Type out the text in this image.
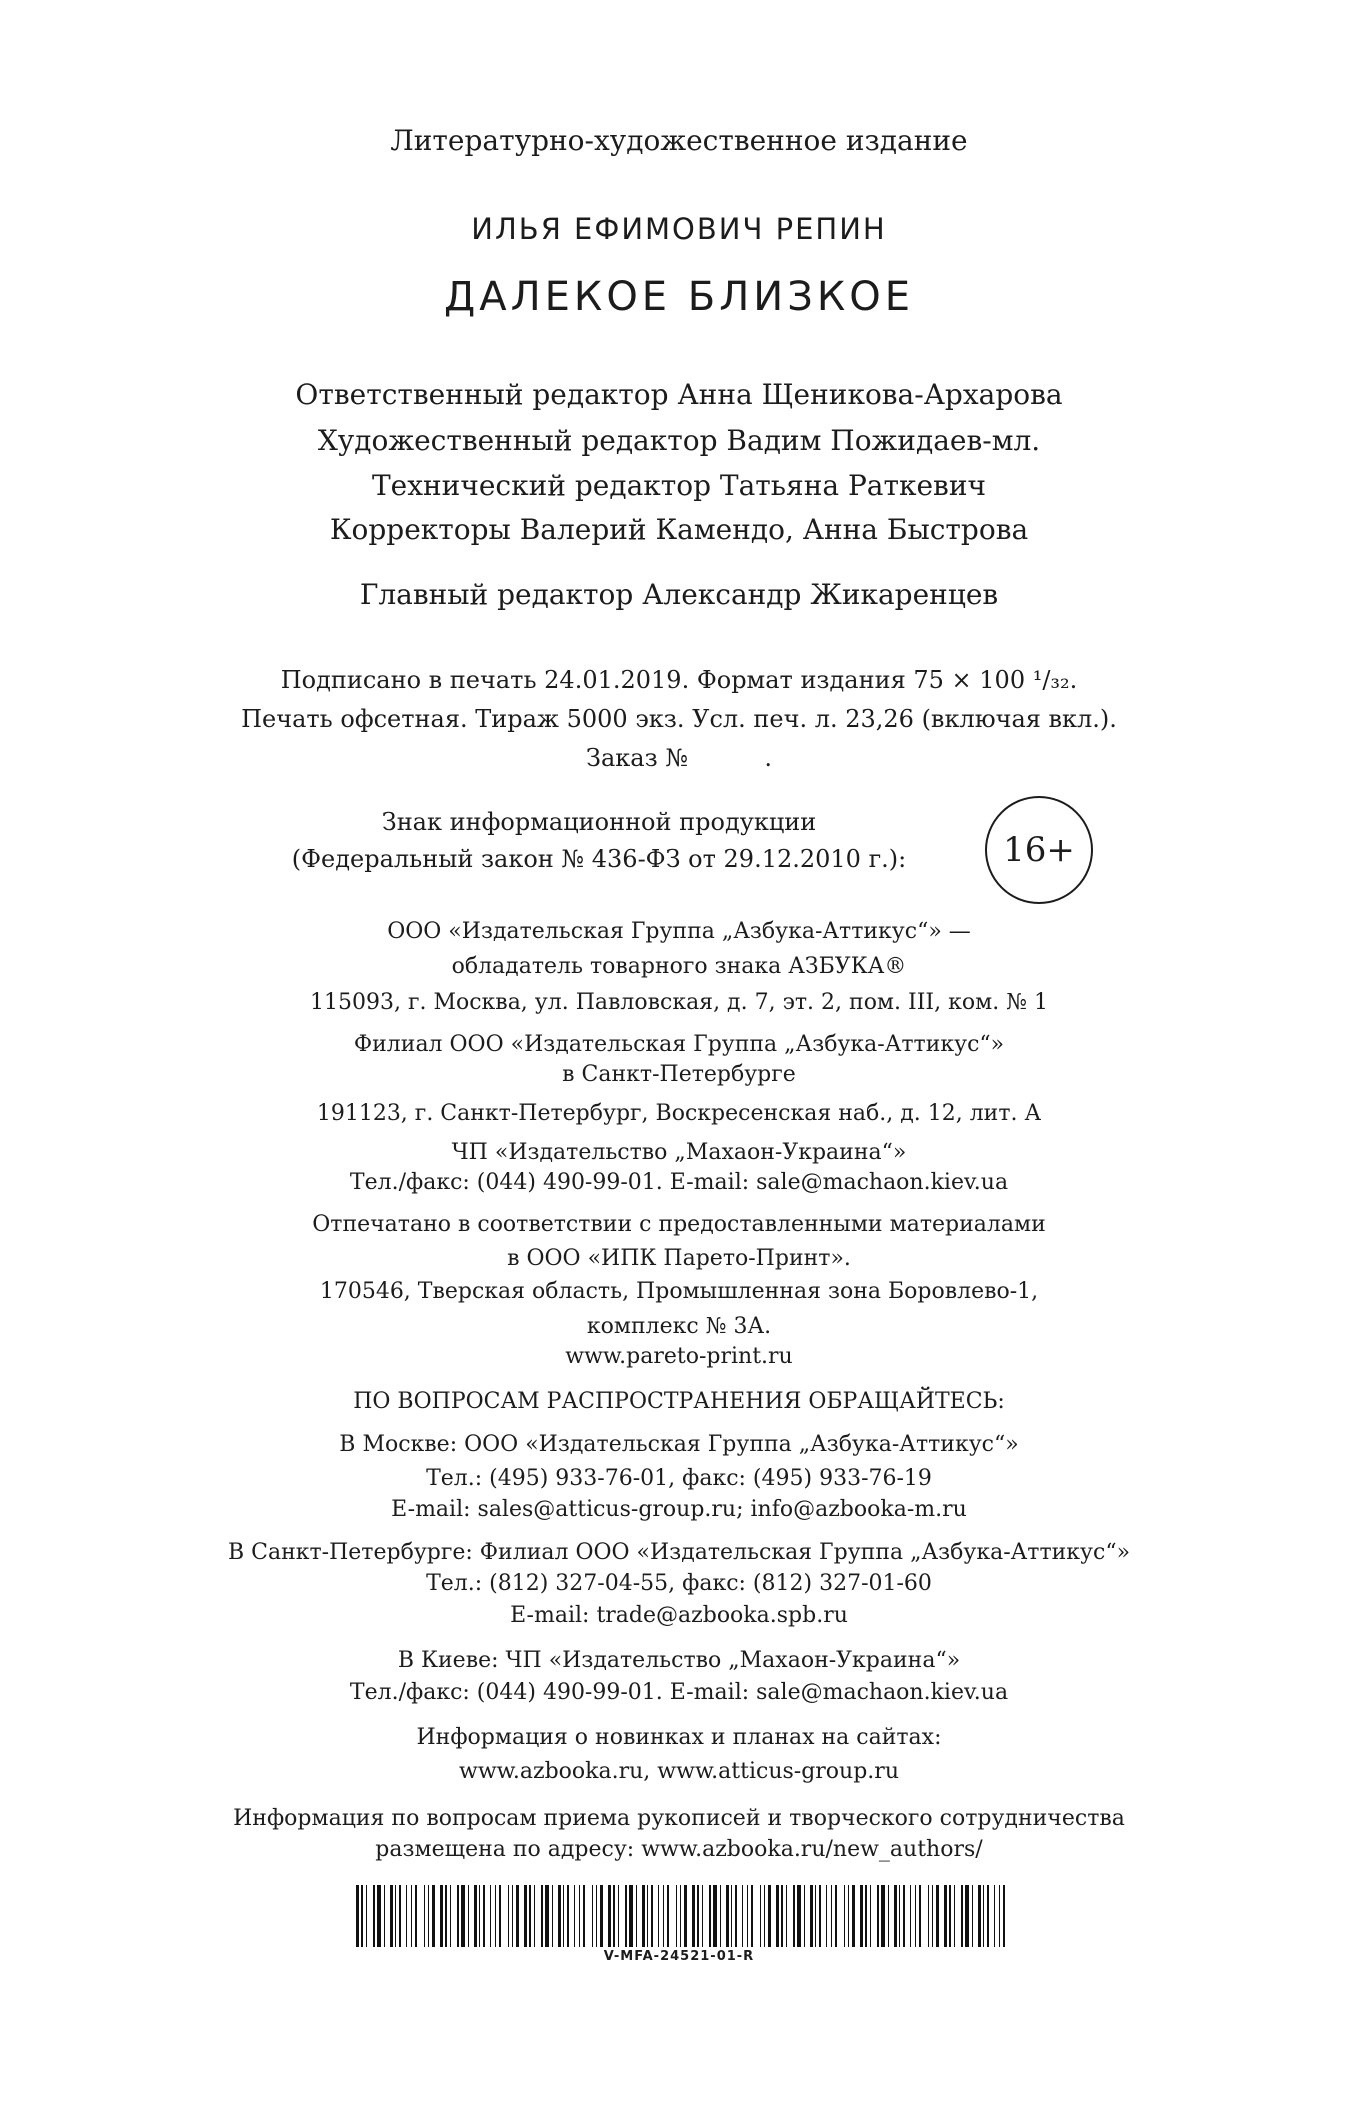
Литературно-художественное издание
ИЛЬЯ ЕФИМОВИЧ РЕПИН
ДАЛЕКОЕ БЛИЗКОЕ
Ответственный редактор Анна Щеникова-Архарова
Художественный редактор Вадим Пожидаев-мл.
Технический редактор Татьяна Раткевич
Корректоры Валерий Камендо, Анна Быстрова
Главный редактор Александр Жикаренцев
Подписано в печать 24.01.2019. Формат издания 75 × 100 ¹/₃₂.
Печать офсетная. Тираж 5000 экз. Усл. печ. л. 23,26 (включая вкл.).
Заказ №          .
Знак информационной продукции
(Федеральный закон № 436-ФЗ от 29.12.2010 г.):	16+
ООО «Издательская Группа „Азбука-Аттикус“» —
обладатель товарного знака АЗБУКА®
115093, г. Москва, ул. Павловская, д. 7, эт. 2, пом. III, ком. № 1
Филиал ООО «Издательская Группа „Азбука-Аттикус“»
в Санкт-Петербурге
191123, г. Санкт-Петербург, Воскресенская наб., д. 12, лит. А
ЧП «Издательство „Махаон-Украина“»
Тел./факс: (044) 490-99-01. E-mail: sale@machaon.kiev.ua
Отпечатано в соответствии с предоставленными материалами
в ООО «ИПК Парето-Принт».
170546, Тверская область, Промышленная зона Боровлево-1,
комплекс № 3А.
www.pareto-print.ru
ПО ВОПРОСАМ РАСПРОСТРАНЕНИЯ ОБРАЩАЙТЕСЬ:
В Москве: ООО «Издательская Группа „Азбука-Аттикус“»
Тел.: (495) 933-76-01, факс: (495) 933-76-19
E-mail: sales@atticus-group.ru; info@azbooka-m.ru
В Санкт-Петербурге: Филиал ООО «Издательская Группа „Азбука-Аттикус“»
Тел.: (812) 327-04-55, факс: (812) 327-01-60
E-mail: trade@azbooka.spb.ru
В Киеве: ЧП «Издательство „Махаон-Украина“»
Тел./факс: (044) 490-99-01. E-mail: sale@machaon.kiev.ua
Информация о новинках и планах на сайтах:
www.azbooka.ru, www.atticus-group.ru
Информация по вопросам приема рукописей и творческого сотрудничества
размещена по адресу: www.azbooka.ru/new_authors/
V-MFA-24521-01-R
